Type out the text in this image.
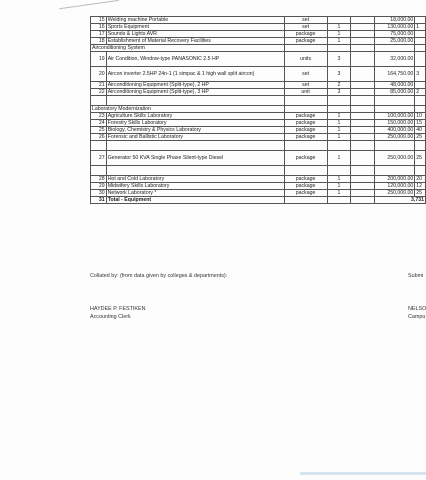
15	Welding machine Portable	set			18,000.00	
16	Sports Equipment	set	1		130,000.00	1
17	Sounds & Lights AVR	package	1		75,000.00	
18	Establishment of Material Recovery Facilities	package	1		25,000.00	
Airconditioning System						
19	Air Condition, Window-type PANASONIC 2.5 HP	units	3		32,000.00	
20	Aircon inverter 2.5HP 24n-1 (1 simpac & 1 high wall split aircon)	set	3		164,750.00	3
21	Airconditioning Equipment (Split-type), 2 HP	set	2		48,000.00	
22	Airconditioning Equipment (Split-type), 3 HP	unit	3		85,000.00	2

Laboratory Modernization						
23	Agriculture Skills Laboratory	package	1		100,000.00	10
24	Forestry Skills Laboratory	package	1		150,000.00	15
25	Biology, Chemistry & Physics Laboratory	package	1		400,000.00	40
26	Forensic and Ballistic Laboratory	package	1		250,000.00	25

27	Generator 50 KVA Single Phase Silent-type Diesel	package	1		250,000.00	25

28	Hot and Cold Laboratory	package	1		200,000.00	20
29	Midwifery Skills Laboratory	package	1		120,000.00	12
30	Network Laboratory *	package	1		250,000.00	25
31	Total - Equipment				3,731	
Collated by: (from data given by colleges & departments):	Submi
HAYDEE P. FESTIKEN
Accounting Clerk
NELSO
Campu
